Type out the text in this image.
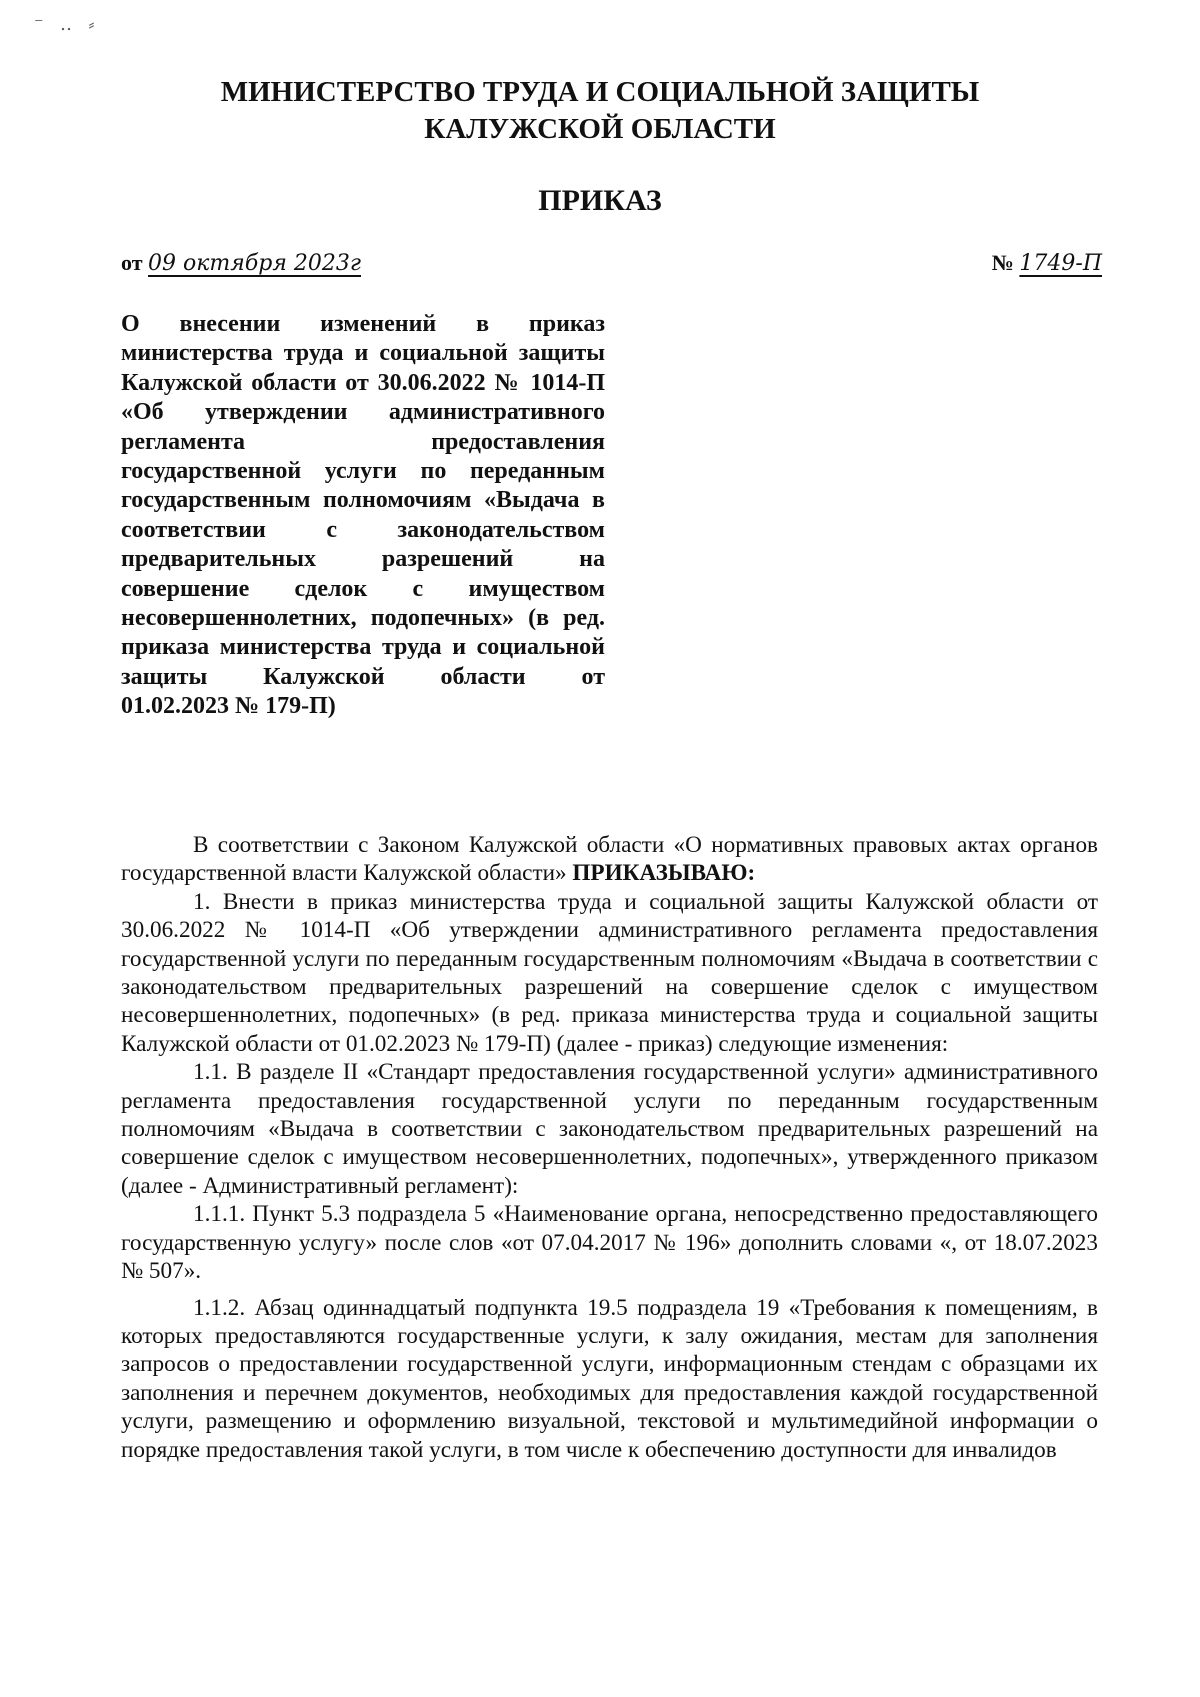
⁻ ‥ ⸗
МИНИСТЕРСТВО ТРУДА И СОЦИАЛЬНОЙ ЗАЩИТЫ
КАЛУЖСКОЙ ОБЛАСТИ
ПРИКАЗ
от 09 октября 2023г	№ 1749-П
О внесении изменений в приказ министерства труда и социальной защиты Калужской области от 30.06.2022 № 1014-П «Об утверждении административного регламента предоставления государственной услуги по переданным государственным полномочиям «Выдача в соответствии с законодательством предварительных разрешений на совершение сделок с имуществом несовершеннолетних, подопечных» (в ред. приказа министерства труда и социальной защиты Калужской области от
01.02.2023 № 179-П)

В соответствии с Законом Калужской области «О нормативных правовых актах органов государственной власти Калужской области» ПРИКАЗЫВАЮ:

1. Внести в приказ министерства труда и социальной защиты Калужской области от 30.06.2022 № 1014-П «Об утверждении административного регламента предоставления государственной услуги по переданным государственным полномочиям «Выдача в соответствии с законодательством предварительных разрешений на совершение сделок с имуществом несовершеннолетних, подопечных» (в ред. приказа министерства труда и социальной защиты Калужской области от 01.02.2023 № 179-П) (далее - приказ) следующие изменения:

1.1. В разделе II «Стандарт предоставления государственной услуги» административного регламента предоставления государственной услуги по переданным государственным полномочиям «Выдача в соответствии с законодательством предварительных разрешений на совершение сделок с имуществом несовершеннолетних, подопечных», утвержденного приказом (далее - Административный регламент):

1.1.1. Пункт 5.3 подраздела 5 «Наименование органа, непосредственно предоставляющего государственную услугу» после слов «от 07.04.2017 № 196» дополнить словами «, от 18.07.2023 № 507».

1.1.2. Абзац одиннадцатый подпункта 19.5 подраздела 19 «Требования к помещениям, в которых предоставляются государственные услуги, к залу ожидания, местам для заполнения запросов о предоставлении государственной услуги, информационным стендам с образцами их заполнения и перечнем документов, необходимых для предоставления каждой государственной услуги, размещению и оформлению визуальной, текстовой и мультимедийной информации о порядке предоставления такой услуги, в том числе к обеспечению доступности для инвалидов
